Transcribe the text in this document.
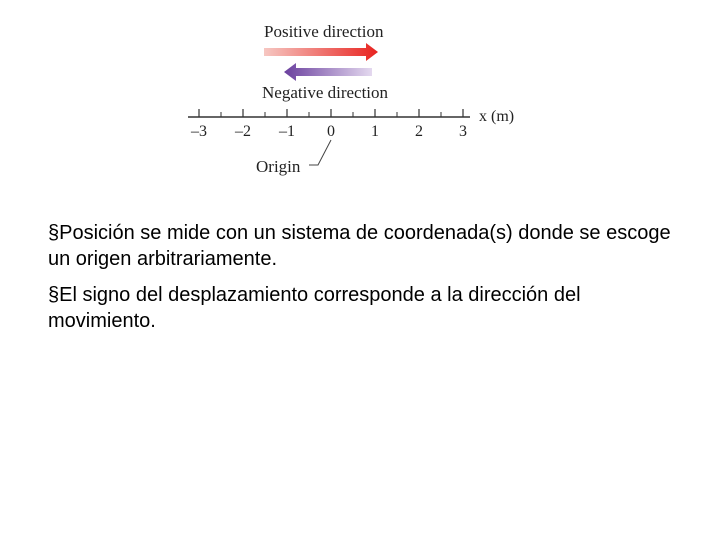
Positive direction
Negative direction
–3 –2 –1 0 1 2 3
x (m)
Origin

§Posición se mide con un sistema de coordenada(s) donde se escoge un origen arbitrariamente.

§El signo del desplazamiento corresponde a la dirección del movimiento.
